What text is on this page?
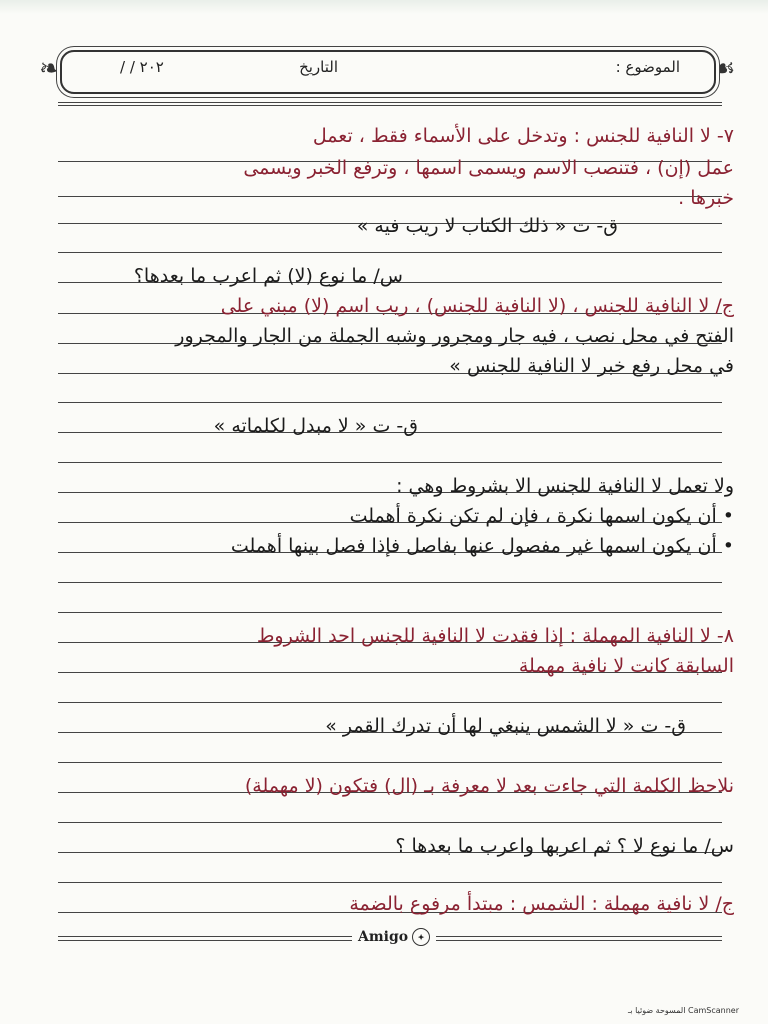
❧	☙
الموضوع :
التاريخ
/ / ٢٠٢
٧- لا النافية للجنس : وتدخل على الأسماء فقط ، تعمل
عمل (إن) ، فتنصب الاسم ويسمى اسمها ، وترفع الخبر ويسمى
خبرها .
ق- ت « ذلك الكتاب لا ريب فيه »
س/ ما نوع (لا) ثم اعرب ما بعدها؟
ج/ لا النافية للجنس ، (لا النافية للجنس) ، ريب اسم (لا) مبني على
الفتح في محل نصب ، فيه جار ومجرور وشبه الجملة من الجار والمجرور
في محل رفع خبر لا النافية للجنس »
ق- ت « لا مبدل لكلماته »
ولا تعمل لا النافية للجنس الا بشروط وهي :
• أن يكون اسمها نكرة ، فإن لم تكن نكرة أهملت
• أن يكون اسمها غير مفصول عنها بفاصل فإذا فصل بينها أهملت
٨- لا النافية المهملة : إذا فقدت لا النافية للجنس احد الشروط
السابقة كانت لا نافية مهملة
ق- ت « لا الشمس ينبغي لها أن تدرك القمر »
نلاحظ الكلمة التي جاءت بعد لا معرفة بـ (ال) فتكون (لا مهملة)
س/ ما نوع لا ؟ ثم اعربها واعرب ما بعدها ؟
ج/ لا نافية مهملة : الشمس : مبتدأ مرفوع بالضمة
Amigo	✦
CamScanner المسوحة ضوئيا بـ
